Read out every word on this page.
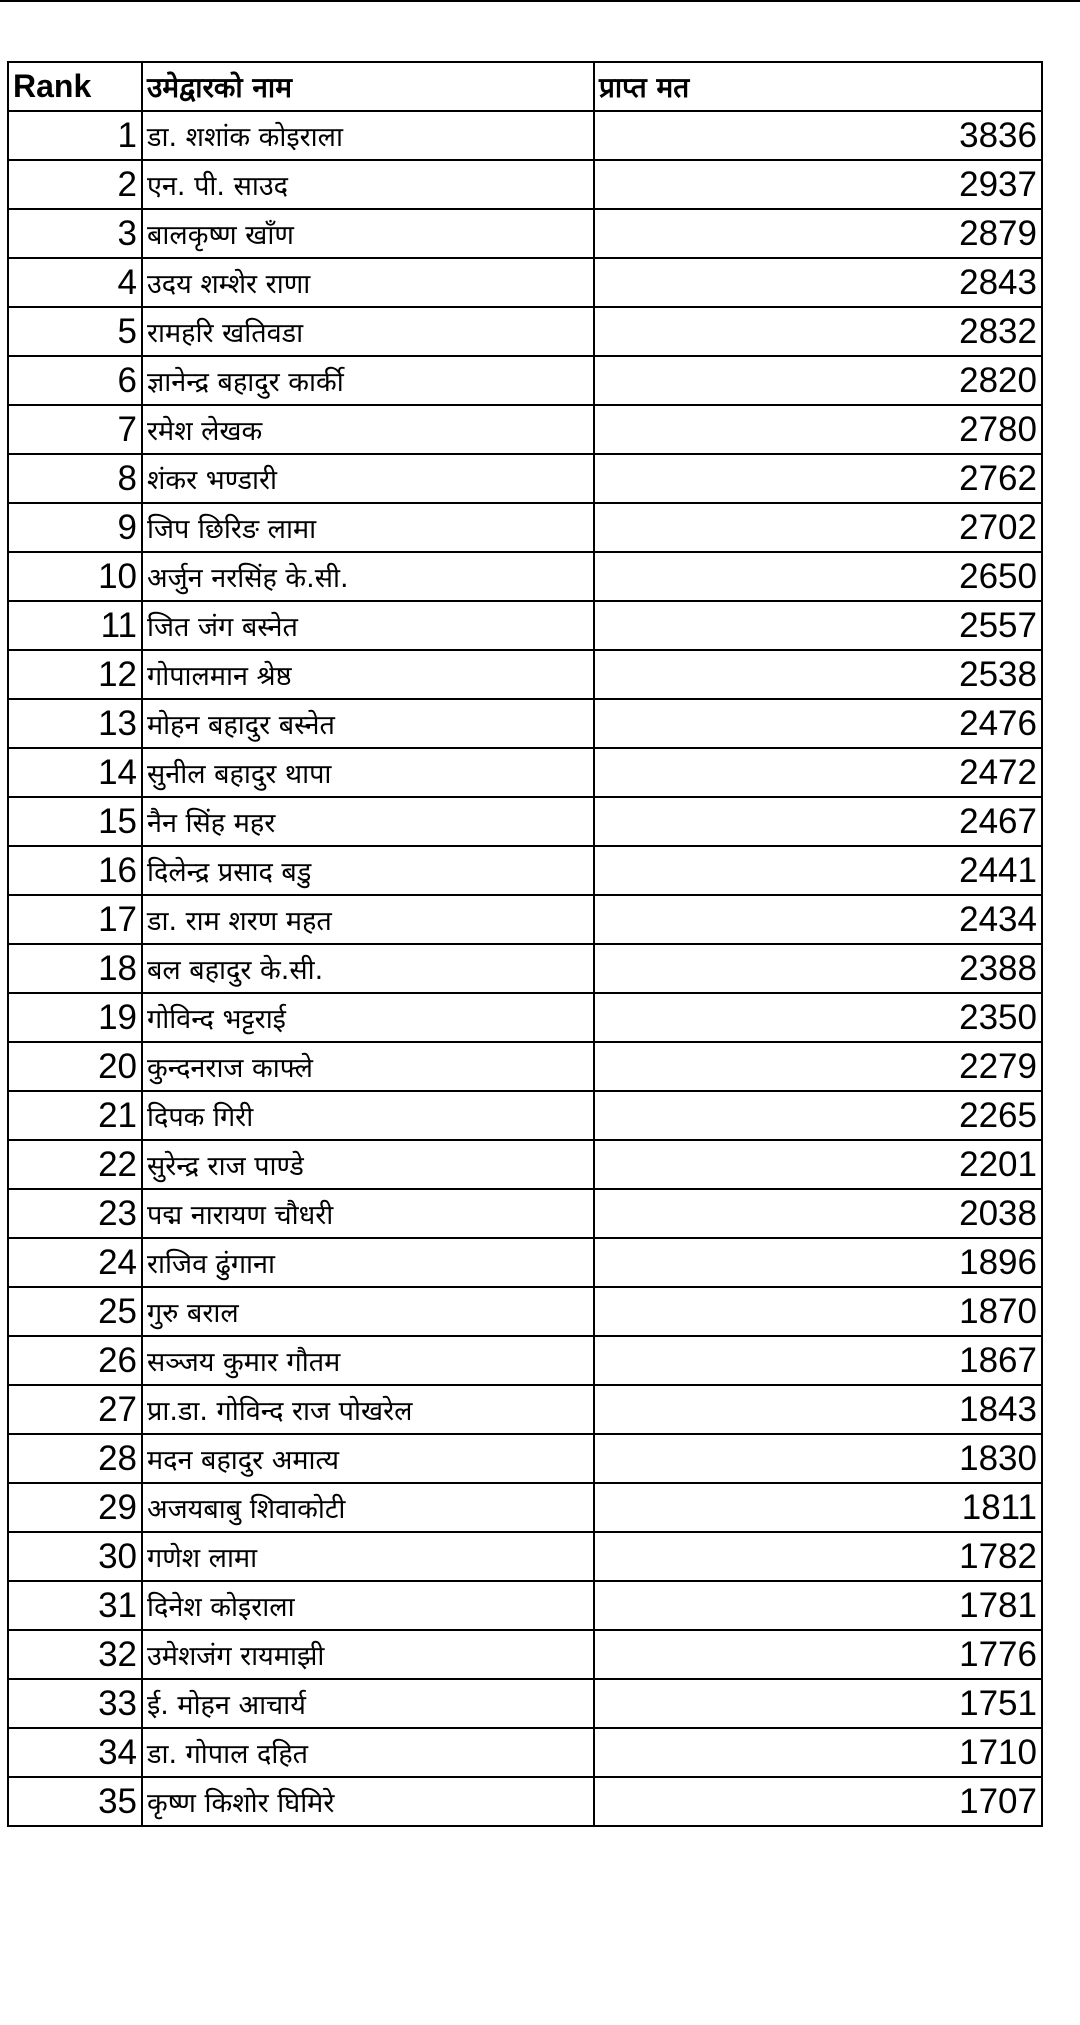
Rank	उमेद्वारको नाम	प्राप्त मत
1	डा. शशांक कोइराला	3836
2	एन. पी. साउद	2937
3	बालकृष्ण खाँण	2879
4	उदय शम्शेर राणा	2843
5	रामहरि खतिवडा	2832
6	ज्ञानेन्द्र बहादुर कार्की	2820
7	रमेश लेखक	2780
8	शंकर भण्डारी	2762
9	जिप छिरिङ लामा	2702
10	अर्जुन नरसिंह के.सी.	2650
11	जित जंग बस्नेत	2557
12	गोपालमान श्रेष्ठ	2538
13	मोहन बहादुर बस्नेत	2476
14	सुनील बहादुर थापा	2472
15	नैन सिंह महर	2467
16	दिलेन्द्र प्रसाद बडु	2441
17	डा. राम शरण महत	2434
18	बल बहादुर के.सी.	2388
19	गोविन्द भट्टराई	2350
20	कुन्दनराज काफ्ले	2279
21	दिपक गिरी	2265
22	सुरेन्द्र राज पाण्डे	2201
23	पद्म नारायण चौधरी	2038
24	राजिव ढुंगाना	1896
25	गुरु बराल	1870
26	सञ्जय कुमार गौतम	1867
27	प्रा.डा. गोविन्द राज पोखरेल	1843
28	मदन बहादुर अमात्य	1830
29	अजयबाबु शिवाकोटी	1811
30	गणेश लामा	1782
31	दिनेश कोइराला	1781
32	उमेशजंग रायमाझी	1776
33	ई. मोहन आचार्य	1751
34	डा. गोपाल दहित	1710
35	कृष्ण किशोर घिमिरे	1707
